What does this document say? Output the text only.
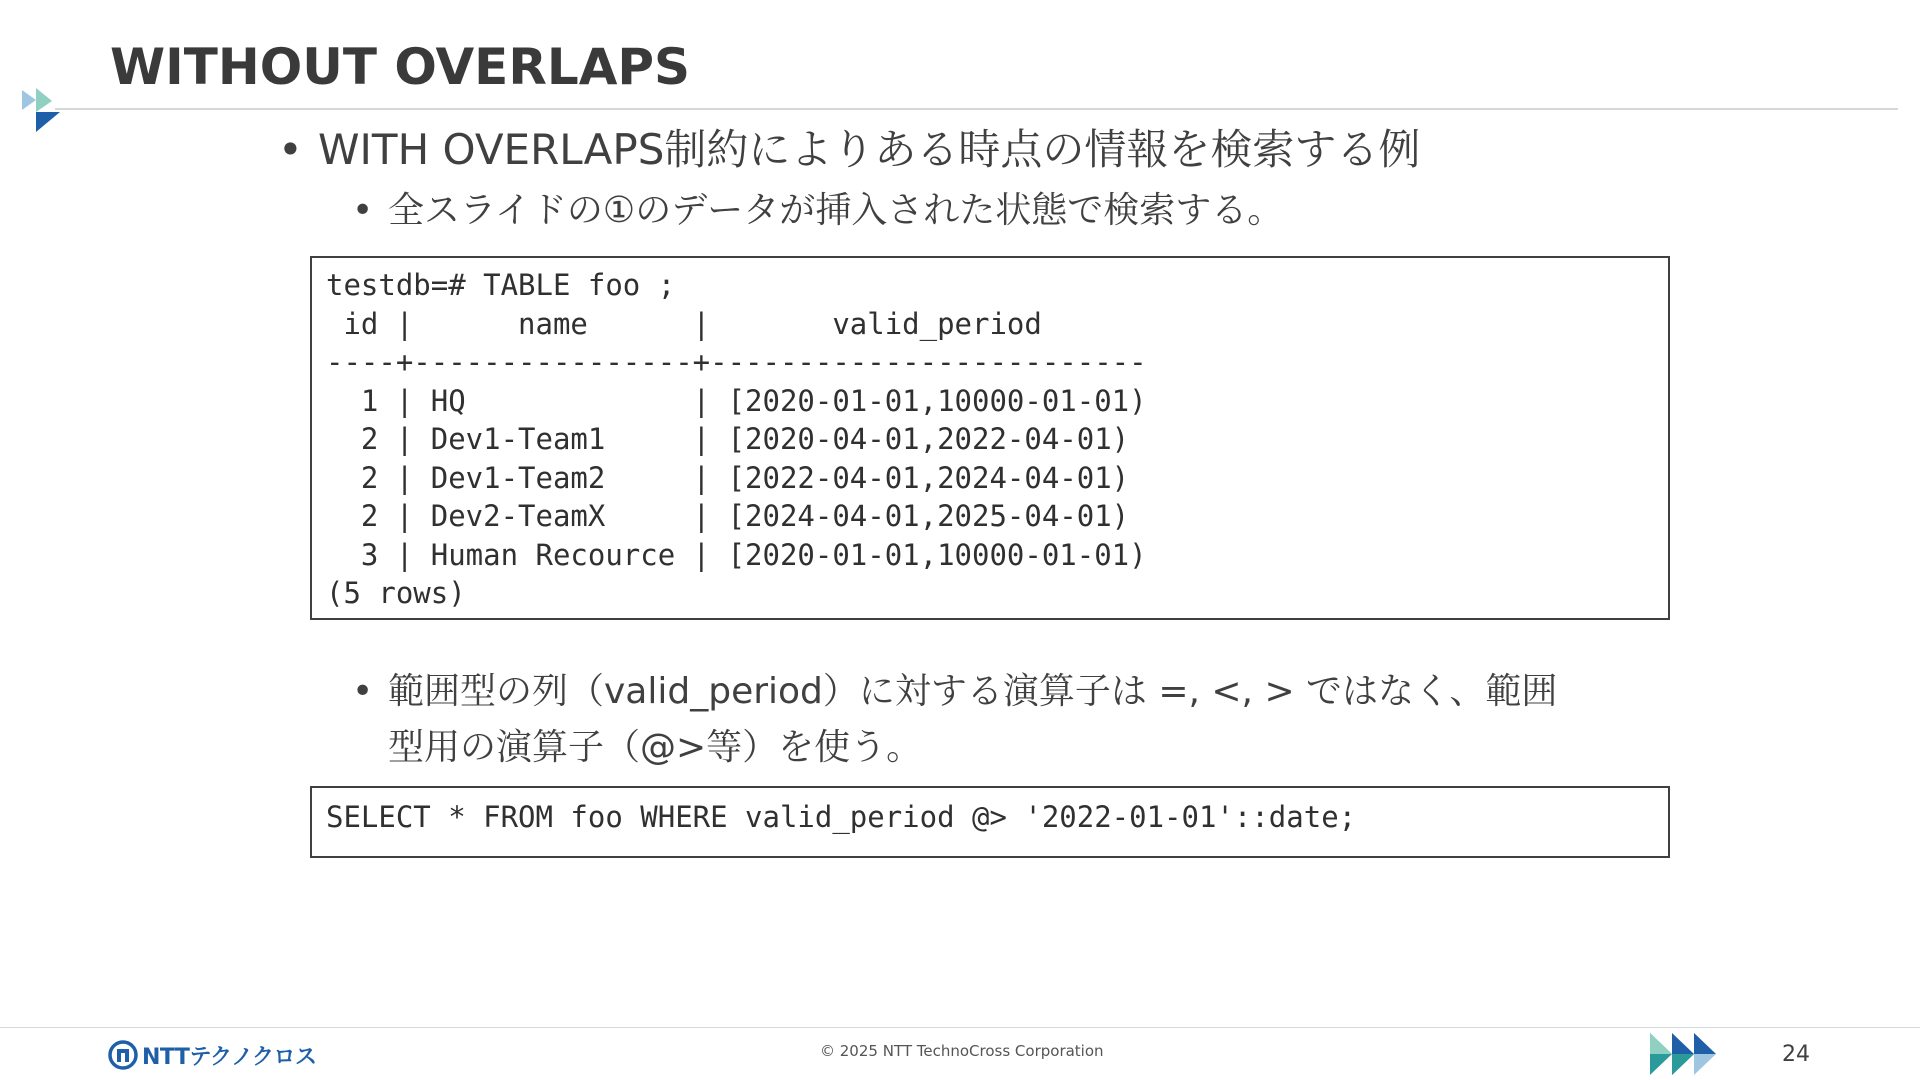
WITHOUT OVERLAPS
• WITH OVERLAPS制約によりある時点の情報を検索する例
• 全スライドの①のデータが挿入された状態で検索する。
testdb=# TABLE foo ;
id |      name      |       valid_period
----+----------------+-------------------------
1 | HQ             | [2020-01-01,10000-01-01)
2 | Dev1-Team1     | [2020-04-01,2022-04-01)
2 | Dev1-Team2     | [2022-04-01,2024-04-01)
2 | Dev2-TeamX     | [2024-04-01,2025-04-01)
3 | Human Recource | [2020-01-01,10000-01-01)
(5 rows)
• 範囲型の列（valid_period）に対する演算子は =, <, > ではなく、範囲
型用の演算子（@>等）を使う。
SELECT * FROM foo WHERE valid_period @> '2022-01-01'::date;
NTTテクノクロス	© 2025 NTT TechnoCross Corporation	24
